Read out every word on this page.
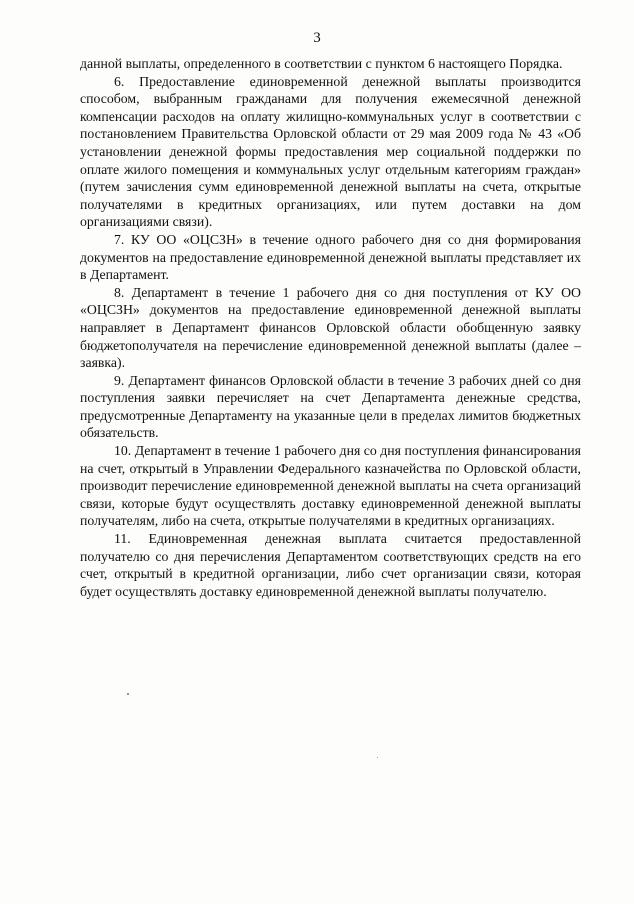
3

данной выплаты, определенного в соответствии с пунктом 6 настоящего Порядка.

6. Предоставление единовременной денежной выплаты производится способом, выбранным гражданами для получения ежемесячной денежной компенсации расходов на оплату жилищно-коммунальных услуг в соответствии с постановлением Правительства Орловской области от 29 мая 2009 года № 43 «Об установлении денежной формы предоставления мер социальной поддержки по оплате жилого помещения и коммунальных услуг отдельным категориям граждан» (путем зачисления сумм единовременной денежной выплаты на счета, открытые получателями в кредитных организациях, или путем доставки на дом организациями связи).

7. КУ ОО «ОЦСЗН» в течение одного рабочего дня со дня формирования документов на предоставление единовременной денежной выплаты представляет их в Департамент.

8. Департамент в течение 1 рабочего дня со дня поступления от КУ ОО «ОЦСЗН» документов на предоставление единовременной денежной выплаты направляет в Департамент финансов Орловской области обобщенную заявку бюджетополучателя на перечисление единовременной денежной выплаты (далее – заявка).

9. Департамент финансов Орловской области в течение 3 рабочих дней со дня поступления заявки перечисляет на счет Департамента денежные средства, предусмотренные Департаменту на указанные цели в пределах лимитов бюджетных обязательств.

10. Департамент в течение 1 рабочего дня со дня поступления финансирования на счет, открытый в Управлении Федерального казначейства по Орловской области, производит перечисление единовременной денежной выплаты на счета организаций связи, которые будут осуществлять доставку единовременной денежной выплаты получателям, либо на счета, открытые получателями в кредитных организациях.

11. Единовременная денежная выплата считается предоставленной получателю со дня перечисления Департаментом соответствующих средств на его счет, открытый в кредитной организации, либо счет организации связи, которая будет осуществлять доставку единовременной денежной выплаты получателю.
